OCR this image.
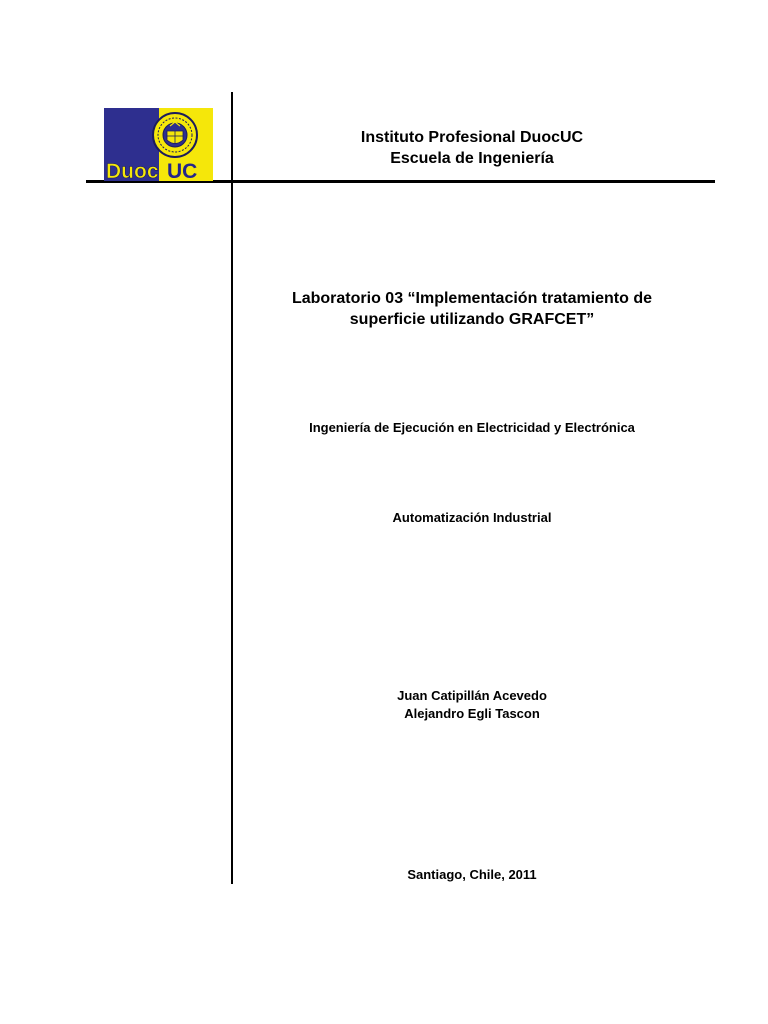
Duoc UC
Instituto Profesional DuocUC
Escuela de Ingeniería
Laboratorio 03 “Implementación tratamiento de
superficie utilizando GRAFCET”
Ingeniería de Ejecución en Electricidad y Electrónica
Automatización Industrial
Juan Catipillán Acevedo
Alejandro Egli Tascon
Santiago, Chile, 2011
